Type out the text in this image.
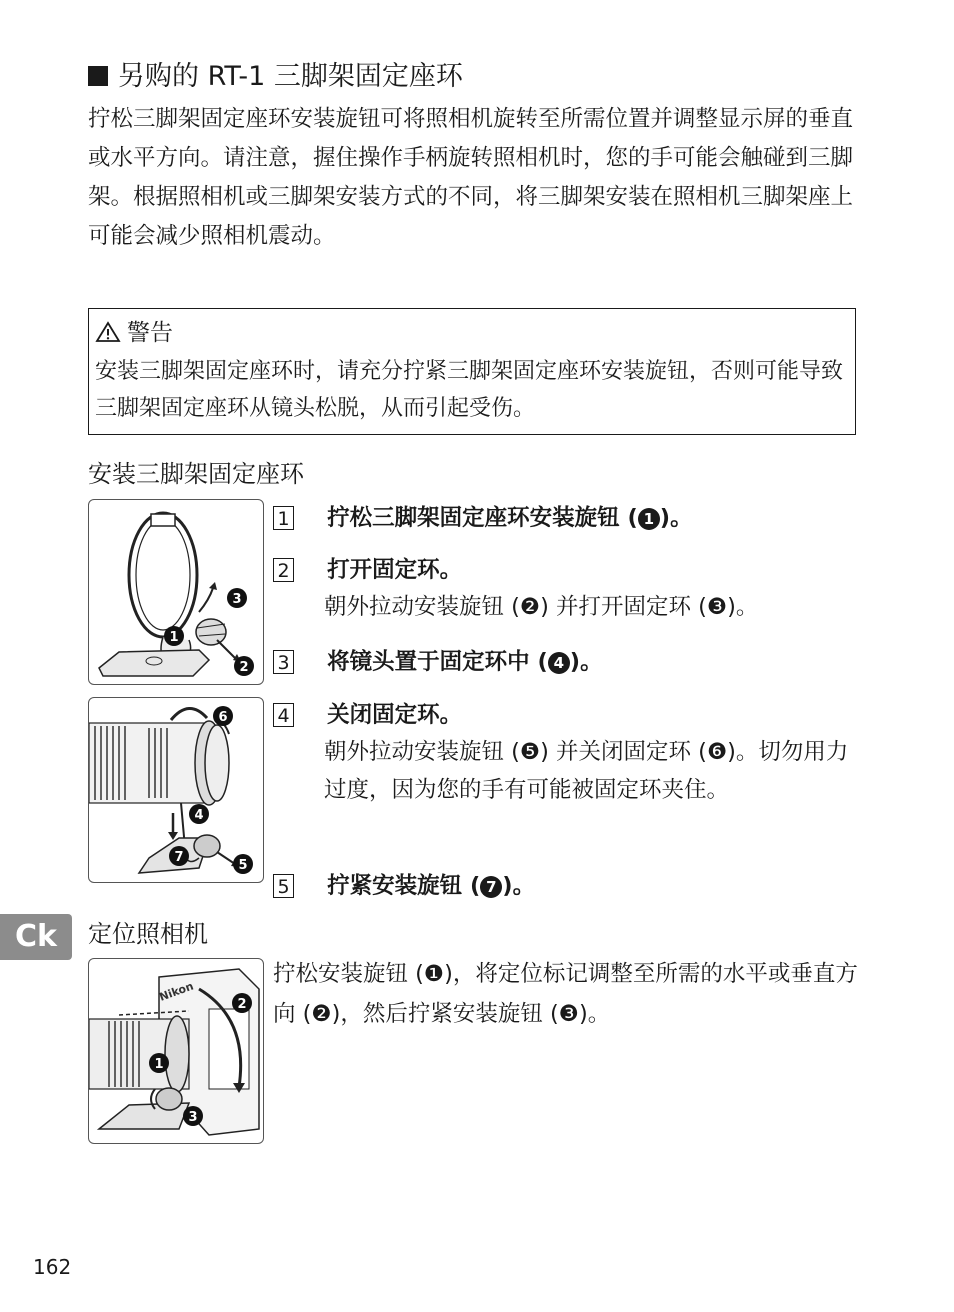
另购的 RT-1 三脚架固定座环
拧松三脚架固定座环安装旋钮可将照相机旋转至所需位置并调整显示屏的垂直或水平方向。请注意，握住操作手柄旋转照相机时，您的手可能会触碰到三脚架。根据照相机或三脚架安装方式的不同，将三脚架安装在照相机三脚架座上可能会减少照相机震动。
警告
安装三脚架固定座环时，请充分拧紧三脚架固定座环安装旋钮，否则可能导致三脚架固定座环从镜头松脱，从而引起受伤。
安装三脚架固定座环
1
2
3
6
4
5
7
1 拧松三脚架固定座环安装旋钮 ( 1 )。
2 打开固定环。
朝外拉动安装旋钮 (❷) 并打开固定环 (❸)。
3 将镜头置于固定环中 ( 4 )。
4 关闭固定环。
朝外拉动安装旋钮 (❺) 并关闭固定环 (❻)。切勿用力过度，因为您的手有可能被固定环夹住。
5 拧紧安装旋钮 ( 7 )。
Ck	定位照相机
Nikon
1
2
3
拧松安装旋钮 (❶)，将定位标记调整至所需的水平或垂直方向 (❷)，然后拧紧安装旋钮 (❸)。
162
